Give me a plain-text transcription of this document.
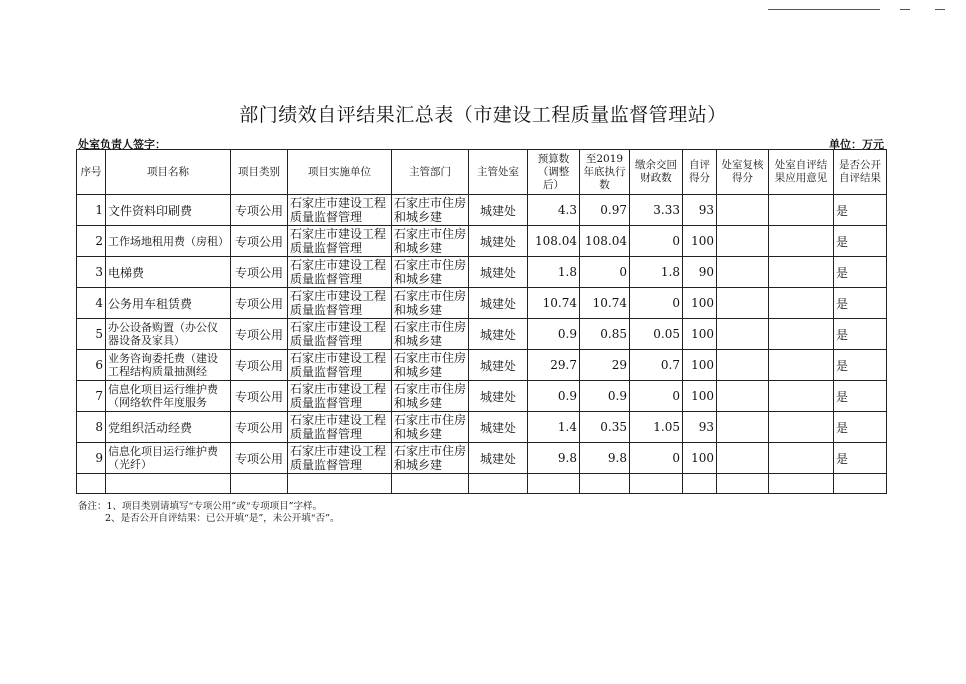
部门绩效自评结果汇总表（市建设工程质量监督管理站）
处室负责人签字：	单位：万元
序号	项目名称	项目类别	项目实施单位	主管部门	主管处室	预算数（调整后）	至2019年底执行数	缴余交回财政数	自评得分	处室复核得分	处室自评结果应用意见	是否公开自评结果
1	文件资料印刷费	专项公用	石家庄市建设工程质量监督管理	石家庄市住房和城乡建	城建处	4.3	0.97	3.33	93			是
2	工作场地租用费（房租）	专项公用	石家庄市建设工程质量监督管理	石家庄市住房和城乡建	城建处	108.04	108.04	0	100			是
3	电梯费	专项公用	石家庄市建设工程质量监督管理	石家庄市住房和城乡建	城建处	1.8	0	1.8	90			是
4	公务用车租赁费	专项公用	石家庄市建设工程质量监督管理	石家庄市住房和城乡建	城建处	10.74	10.74	0	100			是
5	办公设备购置（办公仪器设备及家具）	专项公用	石家庄市建设工程质量监督管理	石家庄市住房和城乡建	城建处	0.9	0.85	0.05	100			是
6	业务咨询委托费（建设工程结构质量抽测经	专项公用	石家庄市建设工程质量监督管理	石家庄市住房和城乡建	城建处	29.7	29	0.7	100			是
7	信息化项目运行维护费（网络软件年度服务	专项公用	石家庄市建设工程质量监督管理	石家庄市住房和城乡建	城建处	0.9	0.9	0	100			是
8	党组织活动经费	专项公用	石家庄市建设工程质量监督管理	石家庄市住房和城乡建	城建处	1.4	0.35	1.05	93			是
9	信息化项目运行维护费（光纤）	专项公用	石家庄市建设工程质量监督管理	石家庄市住房和城乡建	城建处	9.8	9.8	0	100			是

备注：1、项目类别请填写“专项公用”或“专项项目”字样。
2、是否公开自评结果：已公开填“是”，未公开填“否”。
